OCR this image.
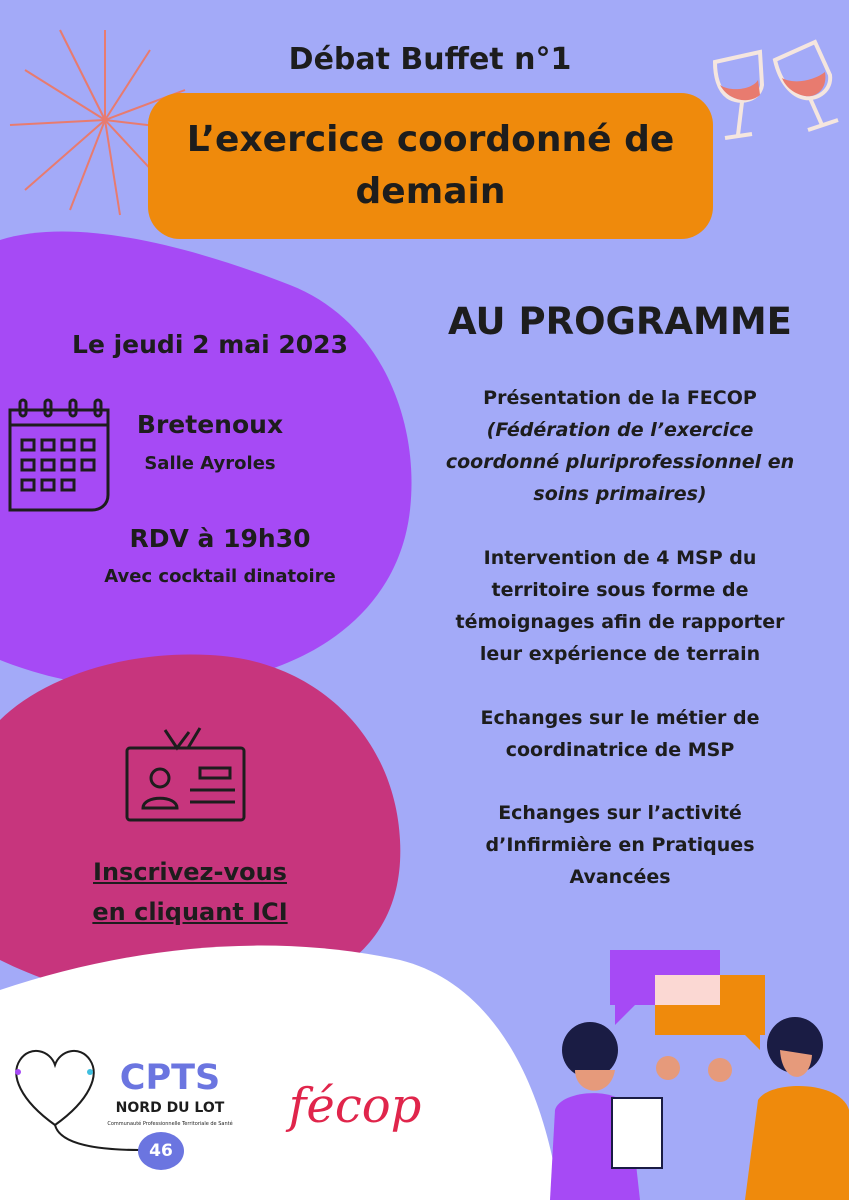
Débat Buffet n°1
L’exercice coordonné de
demain
Le jeudi 2 mai 2023
Bretenoux
Salle Ayroles
RDV à 19h30
Avec cocktail dinatoire
Inscrivez-vous
en cliquant ICI
AU PROGRAMME
Présentation de la FECOP
(Fédération de l’exercice
coordonné pluriprofessionnel en
soins primaires)
Intervention de 4 MSP du
territoire sous forme de
témoignages afin de rapporter
leur expérience de terrain
Echanges sur le métier de
coordinatrice de MSP
Echanges sur l’activité
d’Infirmière en Pratiques
Avancées
CPTS
NORD DU LOT
Communauté Professionnelle Territoriale de Santé
46
fécop
